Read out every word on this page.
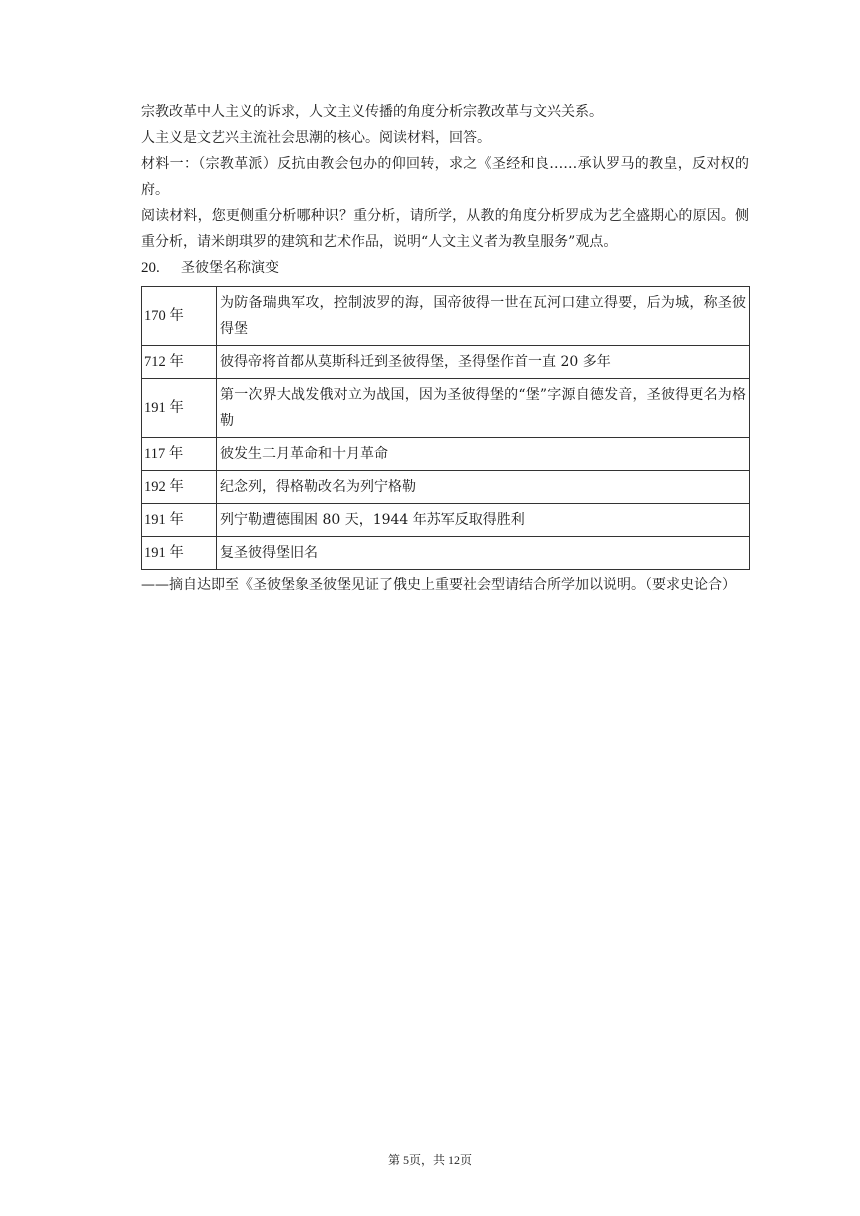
宗教改革中人主义的诉求，人文主义传播的角度分析宗教改革与文兴关系。

人主义是文艺兴主流社会思潮的核心。阅读材料，回答。

材料一：（宗教革派）反抗由教会包办的仰回转，求之《圣经和良……承认罗马的教皇，反对权的府。

阅读材料，您更侧重分析哪种识？重分析，请所学，从教的角度分析罗成为艺全盛期心的原因。侧重分析，请米朗琪罗的建筑和艺术作品，说明“人文主义者为教皇服务”观点。

20. 圣彼堡名称演变

170 年	为防备瑞典军攻，控制波罗的海，国帝彼得一世在瓦河口建立得要，后为城，称圣彼得堡
712 年	彼得帝将首都从莫斯科迁到圣彼得堡，圣得堡作首一直 20 多年
191 年	第一次界大战发俄对立为战国，因为圣彼得堡的“堡”字源自德发音，圣彼得更名为格勒
117 年	彼发生二月革命和十月革命
192 年	纪念列，得格勒改名为列宁格勒
191 年	列宁勒遭德围困 80 天，1944 年苏军反取得胜利
191 年	复圣彼得堡旧名

——摘自达即至《圣彼堡象圣彼堡见证了俄史上重要社会型请结合所学加以说明。（要求史论合）

第 5页，共 12页
